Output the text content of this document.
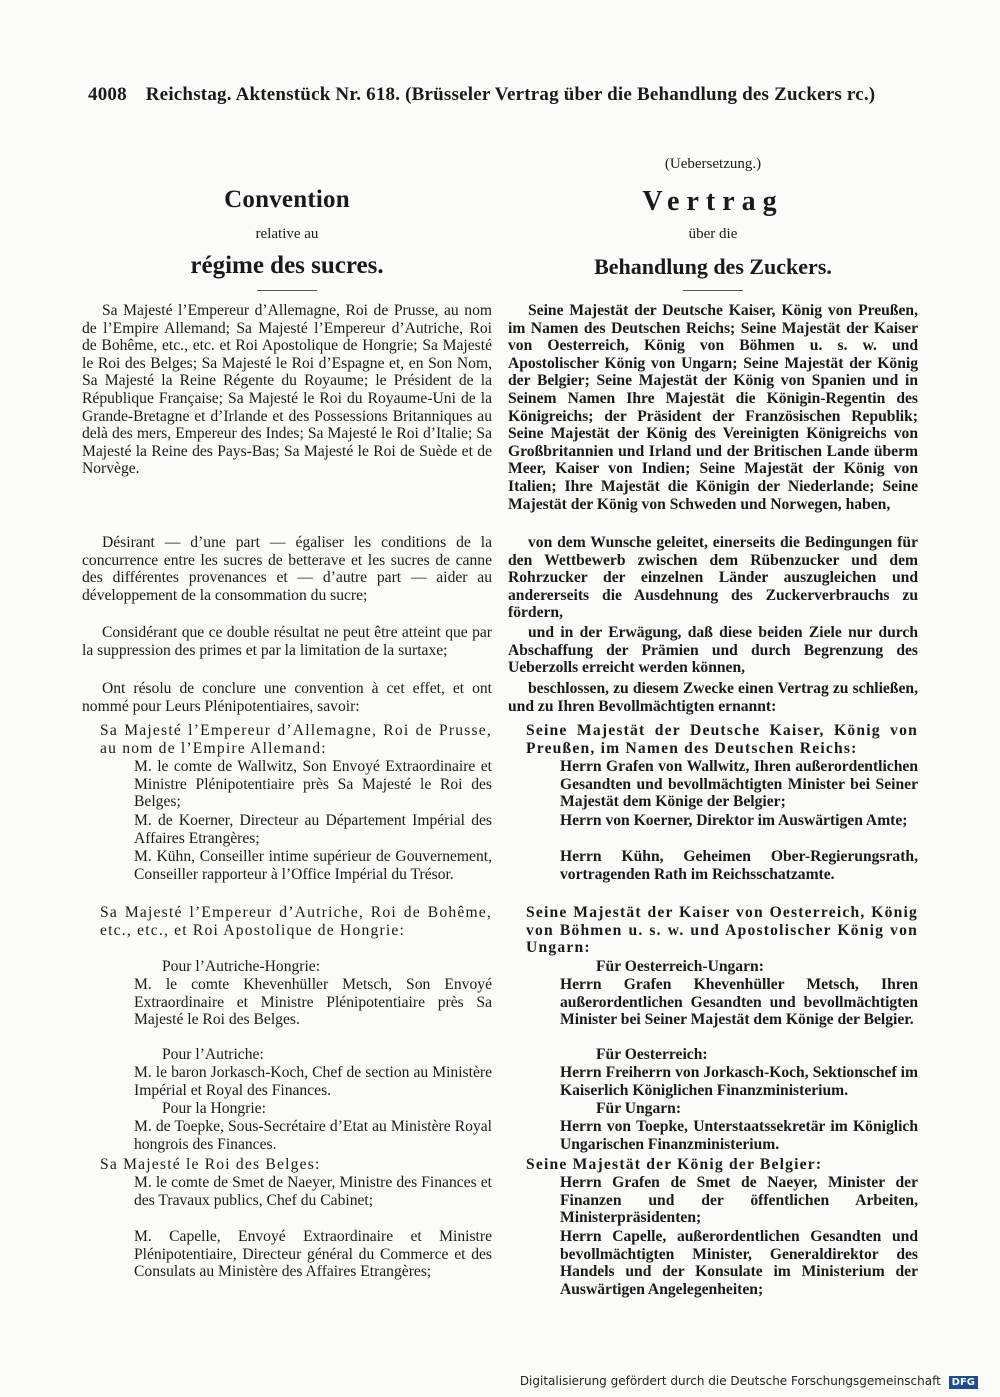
4008 Reichstag. Aktenstück Nr. 618. (Brüsseler Vertrag über die Behandlung des Zuckers rc.)
Convention
relative au
régime des sucres.

Sa Majesté l’Empereur d’Allemagne, Roi de Prusse, au nom de l’Empire Allemand; Sa Majesté l’Empereur d’Autriche, Roi de Bohême, etc., etc. et Roi Apostolique de Hongrie; Sa Majesté le Roi des Belges; Sa Majesté le Roi d’Espagne et, en Son Nom, Sa Majesté la Reine Régente du Royaume; le Président de la République Française; Sa Majesté le Roi du Royaume-Uni de la Grande-Bretagne et d’Irlande et des Possessions Britanniques au delà des mers, Empereur des Indes; Sa Majesté le Roi d’Italie; Sa Majesté la Reine des Pays-Bas; Sa Majesté le Roi de Suède et de Norvège.

Désirant — d’une part — égaliser les conditions de la concurrence entre les sucres de betterave et les sucres de canne des différentes provenances et — d’autre part — aider au développement de la consommation du sucre;

Considérant que ce double résultat ne peut être atteint que par la suppression des primes et par la limitation de la surtaxe;

Ont résolu de conclure une convention à cet effet, et ont nommé pour Leurs Plénipotentiaires, savoir:

Sa Majesté l’Empereur d’Allemagne, Roi de Prusse, au nom de l’Empire Allemand:

M. le comte de Wallwitz, Son Envoyé Extraordinaire et Ministre Plénipotentiaire près Sa Majesté le Roi des Belges;

M. de Koerner, Directeur au Département Impérial des Affaires Etrangères;

M. Kühn, Conseiller intime supérieur de Gouvernement, Conseiller rapporteur à l’Office Impérial du Trésor.

Sa Majesté l’Empereur d’Autriche, Roi de Bohême, etc., etc., et Roi Apostolique de Hongrie:

Pour l’Autriche-Hongrie:

M. le comte Khevenhüller Metsch, Son Envoyé Extraordinaire et Ministre Plénipotentiaire près Sa Majesté le Roi des Belges.

Pour l’Autriche:

M. le baron Jorkasch-Koch, Chef de section au Ministère Impérial et Royal des Finances.

Pour la Hongrie:

M. de Toepke, Sous-Secrétaire d’Etat au Ministère Royal hongrois des Finances.

Sa Majesté le Roi des Belges:

M. le comte de Smet de Naeyer, Ministre des Finances et des Travaux publics, Chef du Cabinet;

M. Capelle, Envoyé Extraordinaire et Ministre Plénipotentiaire, Directeur général du Commerce et des Consulats au Ministère des Affaires Etrangères;

(Uebersetzung.)
Vertrag
über die
Behandlung des Zuckers.

Seine Majestät der Deutsche Kaiser, König von Preußen, im Namen des Deutschen Reichs; Seine Majestät der Kaiser von Oesterreich, König von Böhmen u. s. w. und Apostolischer König von Ungarn; Seine Majestät der König der Belgier; Seine Majestät der König von Spanien und in Seinem Namen Ihre Majestät die Königin-Regentin des Königreichs; der Präsident der Französischen Republik; Seine Majestät der König des Vereinigten Königreichs von Großbritannien und Irland und der Britischen Lande überm Meer, Kaiser von Indien; Seine Majestät der König von Italien; Ihre Majestät die Königin der Niederlande; Seine Majestät der König von Schweden und Norwegen, haben,

von dem Wunsche geleitet, einerseits die Bedingungen für den Wettbewerb zwischen dem Rübenzucker und dem Rohrzucker der einzelnen Länder auszugleichen und andererseits die Ausdehnung des Zuckerverbrauchs zu fördern,

und in der Erwägung, daß diese beiden Ziele nur durch Abschaffung der Prämien und durch Begrenzung des Ueberzolls erreicht werden können,

beschlossen, zu diesem Zwecke einen Vertrag zu schließen, und zu Ihren Bevollmächtigten ernannt:

Seine Majestät der Deutsche Kaiser, König von Preußen, im Namen des Deutschen Reichs:

Herrn Grafen von Wallwitz, Ihren außerordentlichen Gesandten und bevollmächtigten Minister bei Seiner Majestät dem Könige der Belgier;

Herrn von Koerner, Direktor im Auswärtigen Amte;

Herrn Kühn, Geheimen Ober-Regierungsrath, vortragenden Rath im Reichsschatzamte.

Seine Majestät der Kaiser von Oesterreich, König von Böhmen u. s. w. und Apostolischer König von Ungarn:

Für Oesterreich-Ungarn:

Herrn Grafen Khevenhüller Metsch, Ihren außerordentlichen Gesandten und bevollmächtigten Minister bei Seiner Majestät dem Könige der Belgier.

Für Oesterreich:

Herrn Freiherrn von Jorkasch-Koch, Sektionschef im Kaiserlich Königlichen Finanzministerium.

Für Ungarn:

Herrn von Toepke, Unterstaatssekretär im Königlich Ungarischen Finanzministerium.

Seine Majestät der König der Belgier:

Herrn Grafen de Smet de Naeyer, Minister der Finanzen und der öffentlichen Arbeiten, Ministerpräsidenten;

Herrn Capelle, außerordentlichen Gesandten und bevollmächtigten Minister, Generaldirektor des Handels und der Konsulate im Ministerium der Auswärtigen Angelegenheiten;

Digitalisierung gefördert durch die Deutsche Forschungsgemeinschaft DFG
